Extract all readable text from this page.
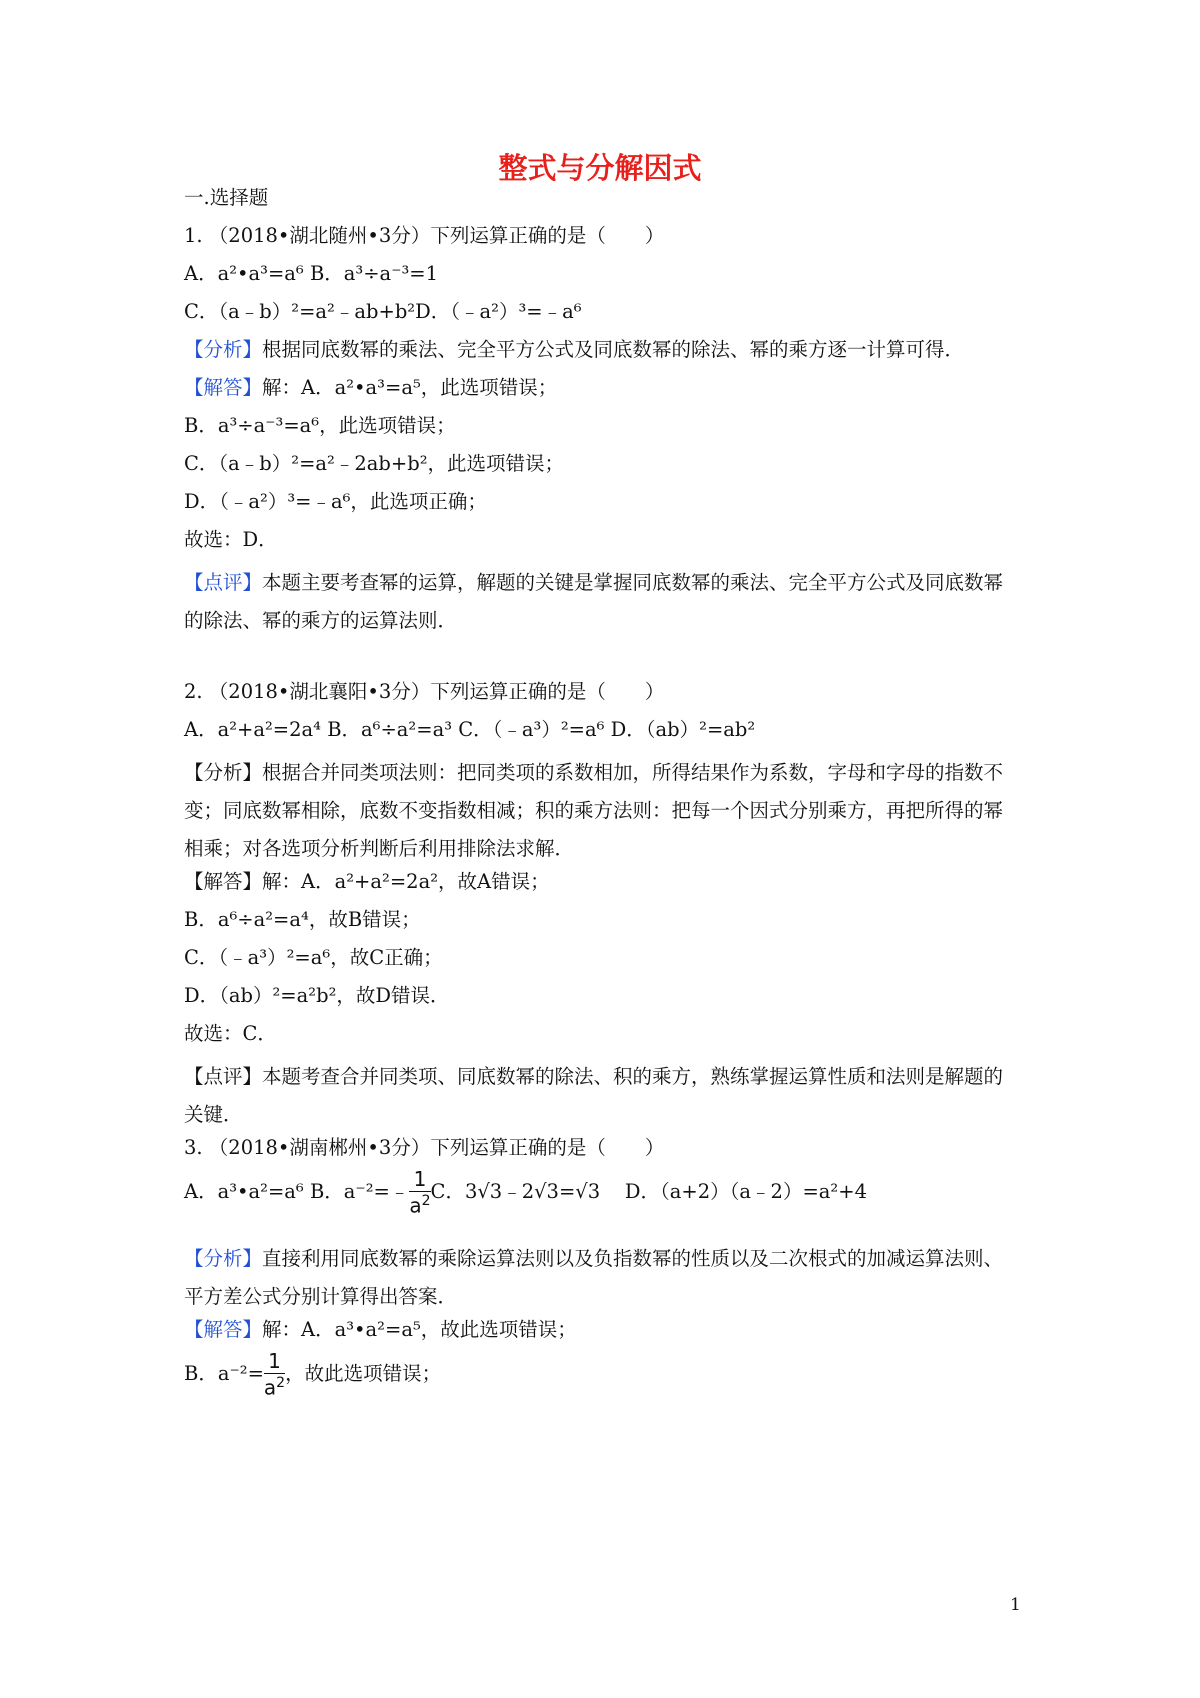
整式与分解因式
一.选择题
1. （2018•湖北随州•3分）下列运算正确的是（　　）
A．a²•a³=a⁶ B．a³÷a⁻³=1
C．（a﹣b）²=a²﹣ab+b²D．（﹣a²）³=﹣a⁶
【分析】根据同底数幂的乘法、完全平方公式及同底数幂的除法、幂的乘方逐一计算可得．
【解答】解：A．a²•a³=a⁵，此选项错误；
B．a³÷a⁻³=a⁶，此选项错误；
C．（a﹣b）²=a²﹣2ab+b²，此选项错误；
D．（﹣a²）³=﹣a⁶，此选项正确；
故选：D．
【点评】本题主要考查幂的运算，解题的关键是掌握同底数幂的乘法、完全平方公式及同底数幂的除法、幂的乘方的运算法则．
2. （2018•湖北襄阳•3分）下列运算正确的是（　　）
A．a²+a²=2a⁴ B．a⁶÷a²=a³ C．（﹣a³）²=a⁶ D．（ab）²=ab²
【分析】根据合并同类项法则：把同类项的系数相加，所得结果作为系数，字母和字母的指数不变；同底数幂相除，底数不变指数相减；积的乘方法则：把每一个因式分别乘方，再把所得的幂相乘；对各选项分析判断后利用排除法求解．
【解答】解：A．a²+a²=2a²，故A错误；
B．a⁶÷a²=a⁴，故B错误；
C．（﹣a³）²=a⁶，故C正确；
D．（ab）²=a²b²，故D错误．
故选：C．
【点评】本题考查合并同类项、同底数幂的除法、积的乘方，熟练掌握运算性质和法则是解题的关键．
3. （2018•湖南郴州•3分）下列运算正确的是（　　）
A．a³•a²=a⁶ B．a⁻²=﹣ $\frac{1}{a^2}$ C．3√3﹣2√3=√3 D．（a+2）（a﹣2）=a²+4
【分析】直接利用同底数幂的乘除运算法则以及负指数幂的性质以及二次根式的加减运算法则、平方差公式分别计算得出答案．
【解答】解：A．a³•a²=a⁵，故此选项错误；
B．$a^{-2}= \frac{1}{a^2}$ ，故此选项错误；
1
